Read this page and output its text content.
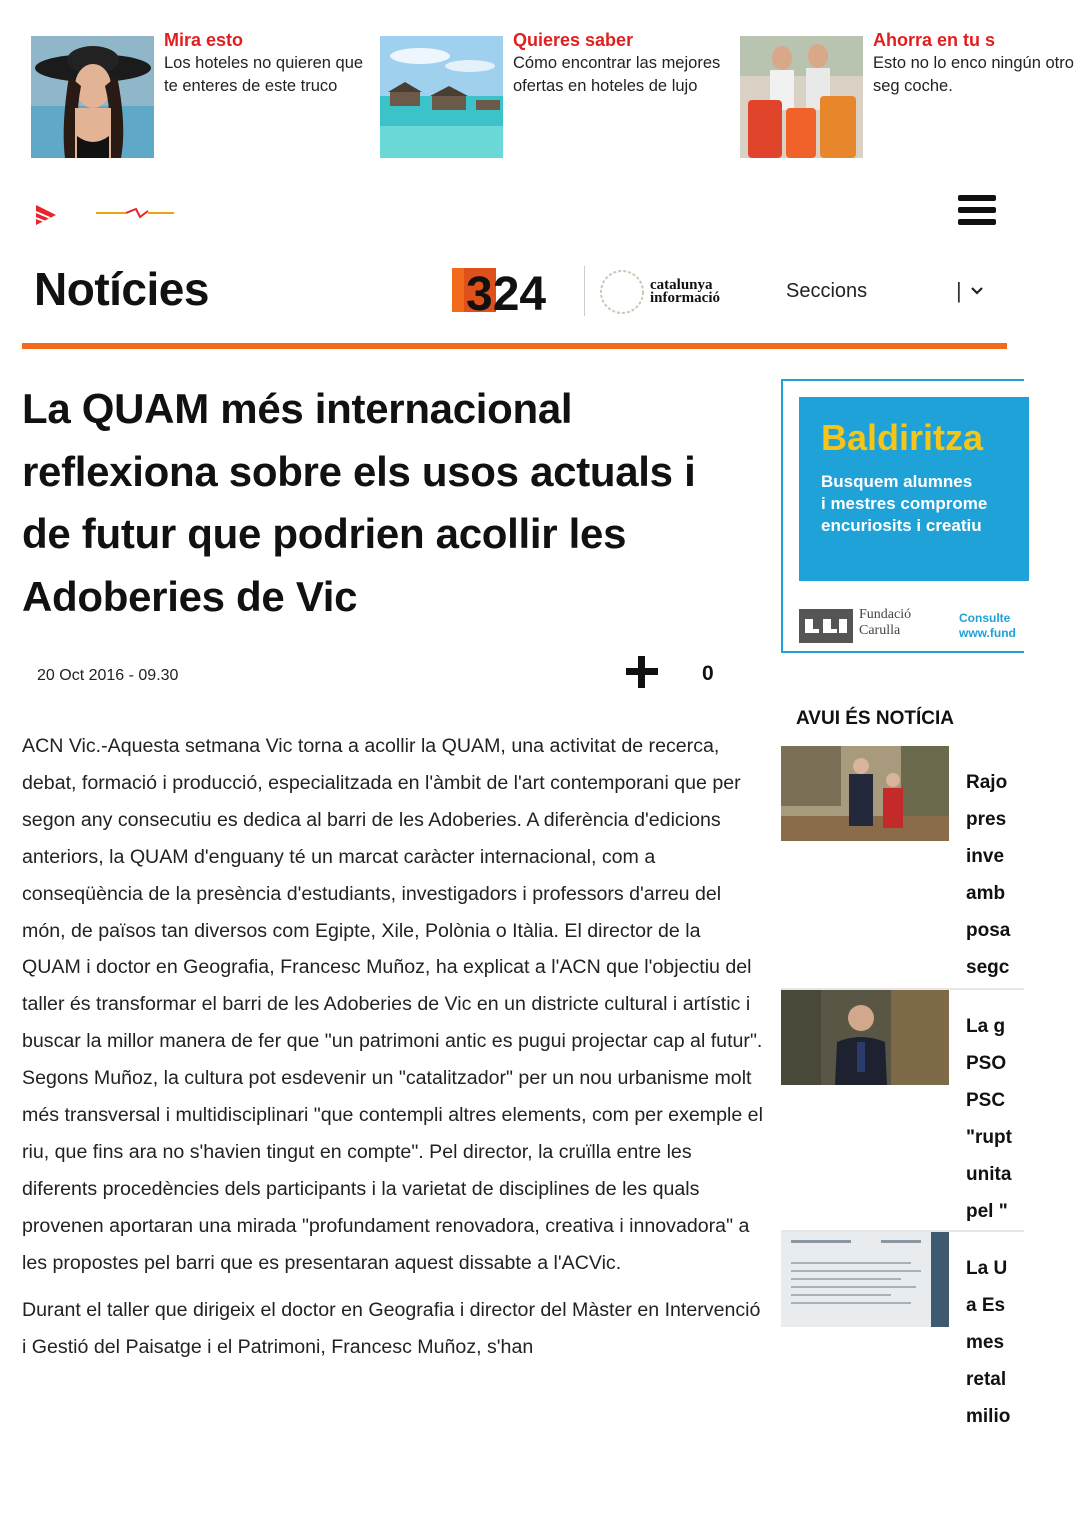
Mira esto
Los hoteles no quieren que te enteres de este truco
Quieres saber
Cómo encontrar las mejores ofertas en hoteles de lujo
Ahorra en tu s
Esto no lo enco ningún otro seg coche.
Notícies	324	catalunya
informació	Seccions	|
La QUAM més internacional reflexiona sobre els usos actuals i de futur que podrien acollir les Adoberies de Vic
20 Oct 2016 - 09.30	0

ACN Vic.-Aquesta setmana Vic torna a acollir la QUAM, una activitat de recerca, debat, formació i producció, especialitzada en l'àmbit de l'art contemporani que per segon any consecutiu es dedica al barri de les Adoberies. A diferència d'edicions anteriors, la QUAM d'enguany té un marcat caràcter internacional, com a conseqüència de la presència d'estudiants, investigadors i professors d'arreu del món, de països tan diversos com Egipte, Xile, Polònia o Itàlia. El director de la QUAM i doctor en Geografia, Francesc Muñoz, ha explicat a l'ACN que l'objectiu del taller és transformar el barri de les Adoberies de Vic en un districte cultural i artístic i buscar la millor manera de fer que "un patrimoni antic es pugui projectar cap al futur". Segons Muñoz, la cultura pot esdevenir un "catalitzador" per un nou urbanisme molt més transversal i multidisciplinari "que contempli altres elements, com per exemple el riu, que fins ara no s'havien tingut en compte". Pel director, la cruïlla entre les diferents procedències dels participants i la varietat de disciplines de les quals provenen aportaran una mirada "profundament renovadora, creativa i innovadora" a les propostes pel barri que es presentaran aquest dissabte a l'ACVic.

Durant el taller que dirigeix el doctor en Geografia i director del Màster en Intervenció i Gestió del Paisatge i el Patrimoni, Francesc Muñoz, s'han

Baldiritza
Busquem alumnes
i mestres comprome
encuriosits i creatiu
Fundació
Carulla
Consulte
www.fund
AVUI ÉS NOTÍCIA
Rajo
pres
inve
amb
posa
segc
La g
PSO
PSC
"rupt
unita
pel "
La U
a Es
mes
retal
milio
